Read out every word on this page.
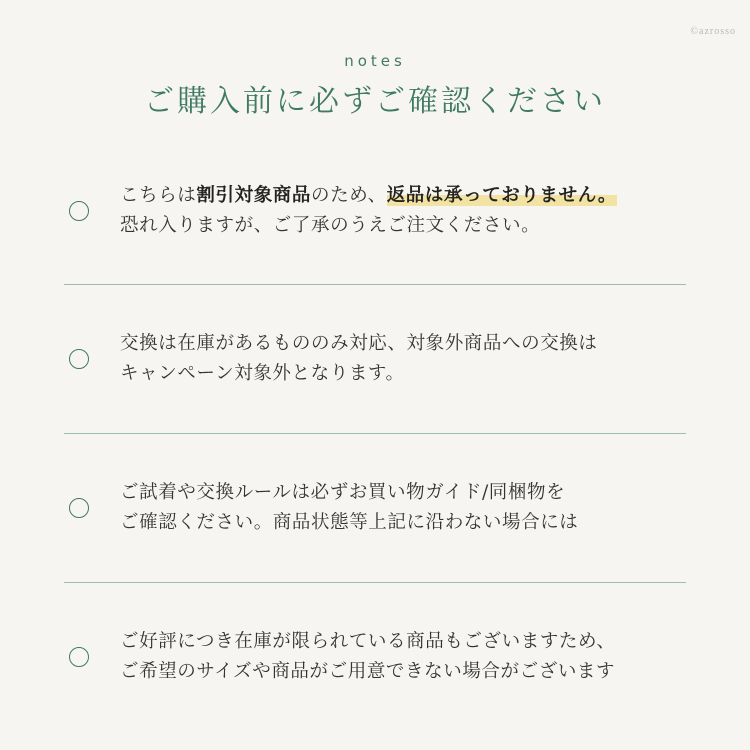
©azrosso

notes

ご購入前に必ずご確認ください
こちらは割引対象商品のため、返品は承っておりません。
恐れ入りますが、ご了承のうえご注文ください。
交換は在庫があるもののみ対応、対象外商品への交換は
キャンペーン対象外となります。
ご試着や交換ルールは必ずお買い物ガイド/同梱物を
ご確認ください。商品状態等上記に沿わない場合には
ご好評につき在庫が限られている商品もございますため、
ご希望のサイズや商品がご用意できない場合がございます
